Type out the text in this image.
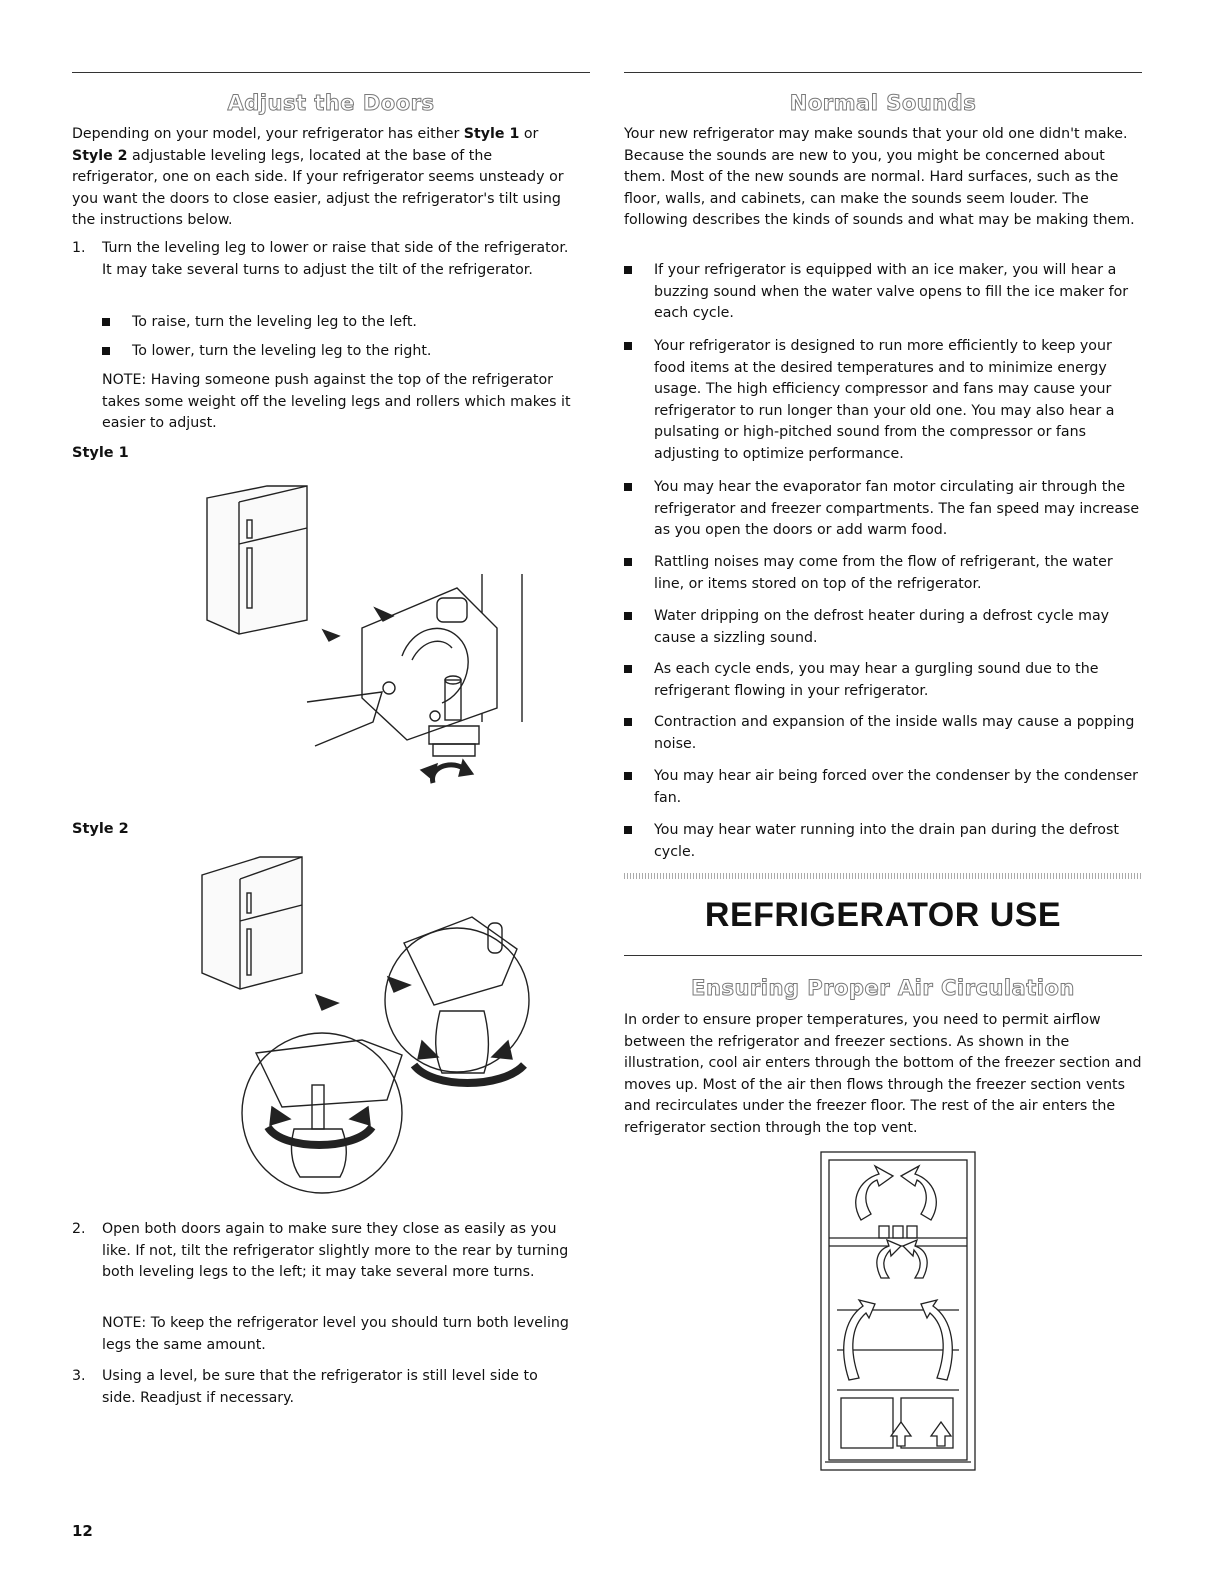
Adjust the Doors

Depending on your model, your refrigerator has either Style 1 or Style 2 adjustable leveling legs, located at the base of the refrigerator, one on each side. If your refrigerator seems unsteady or you want the doors to close easier, adjust the refrigerator's tilt using the instructions below.

1. Turn the leveling leg to lower or raise that side of the refrigerator. It may take several turns to adjust the tilt of the refrigerator.
To raise, turn the leveling leg to the left.
To lower, turn the leveling leg to the right.

NOTE: Having someone push against the top of the refrigerator takes some weight off the leveling legs and rollers which makes it easier to adjust.

Style 1
Style 2
2. Open both doors again to make sure they close as easily as you like. If not, tilt the refrigerator slightly more to the rear by turning both leveling legs to the left; it may take several more turns.

NOTE: To keep the refrigerator level you should turn both leveling legs the same amount.

3. Using a level, be sure that the refrigerator is still level side to side. Readjust if necessary.
Normal Sounds

Your new refrigerator may make sounds that your old one didn't make. Because the sounds are new to you, you might be concerned about them. Most of the new sounds are normal. Hard surfaces, such as the floor, walls, and cabinets, can make the sounds seem louder. The following describes the kinds of sounds and what may be making them.

If your refrigerator is equipped with an ice maker, you will hear a buzzing sound when the water valve opens to fill the ice maker for each cycle.
Your refrigerator is designed to run more efficiently to keep your food items at the desired temperatures and to minimize energy usage. The high efficiency compressor and fans may cause your refrigerator to run longer than your old one. You may also hear a pulsating or high-pitched sound from the compressor or fans adjusting to optimize performance.
You may hear the evaporator fan motor circulating air through the refrigerator and freezer compartments. The fan speed may increase as you open the doors or add warm food.
Rattling noises may come from the flow of refrigerant, the water line, or items stored on top of the refrigerator.
Water dripping on the defrost heater during a defrost cycle may cause a sizzling sound.
As each cycle ends, you may hear a gurgling sound due to the refrigerant flowing in your refrigerator.
Contraction and expansion of the inside walls may cause a popping noise.
You may hear air being forced over the condenser by the condenser fan.
You may hear water running into the drain pan during the defrost cycle.
REFRIGERATOR USE
Ensuring Proper Air Circulation

In order to ensure proper temperatures, you need to permit airflow between the refrigerator and freezer sections. As shown in the illustration, cool air enters through the bottom of the freezer section and moves up. Most of the air then flows through the freezer section vents and recirculates under the freezer floor. The rest of the air enters the refrigerator section through the top vent.

12
